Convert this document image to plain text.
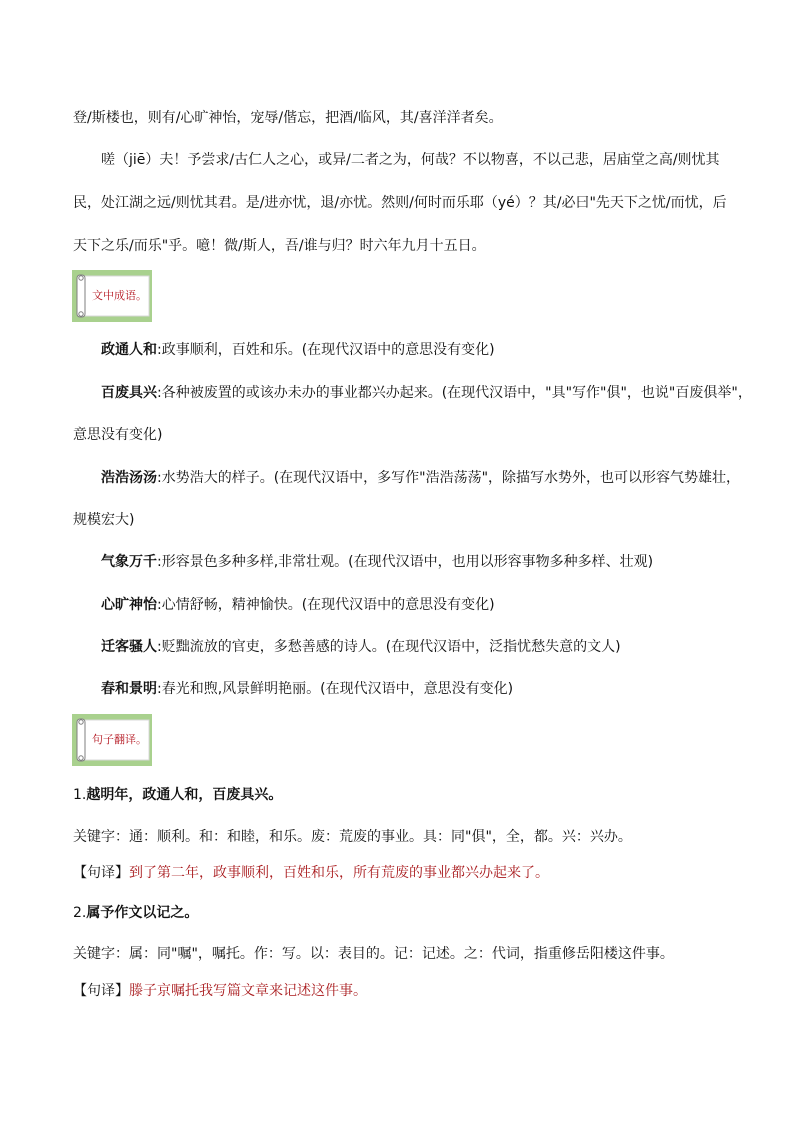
登/斯楼也，则有/心旷神怡，宠辱/偕忘，把酒/临风，其/喜洋洋者矣。
嗟（jiē）夫！予尝求/古仁人之心，或异/二者之为，何哉？不以物喜，不以己悲，居庙堂之高/则忧其
民，处江湖之远/则忧其君。是/进亦忧，退/亦忧。然则/何时而乐耶（yé）？其/必曰"先天下之忧/而忧，后
天下之乐/而乐"乎。噫！微/斯人，吾/谁与归？时六年九月十五日。
文中成语。
政通人和:政事顺利，百姓和乐。(在现代汉语中的意思没有变化)
百废具兴:各种被废置的或该办未办的事业都兴办起来。(在现代汉语中，"具"写作"俱"，也说"百废俱举"，
意思没有变化)
浩浩汤汤:水势浩大的样子。(在现代汉语中，多写作"浩浩荡荡"，除描写水势外，也可以形容气势雄壮，
规模宏大)
气象万千:形容景色多种多样,非常壮观。(在现代汉语中，也用以形容事物多种多样、壮观)
心旷神怡:心情舒畅，精神愉快。(在现代汉语中的意思没有变化)
迁客骚人:贬黜流放的官吏，多愁善感的诗人。(在现代汉语中，泛指忧愁失意的文人)
春和景明:春光和煦,风景鲜明艳丽。(在现代汉语中，意思没有变化)
句子翻译。
1.越明年，政通人和，百废具兴。
关键字：通：顺利。和：和睦，和乐。废：荒废的事业。具：同"俱"，全，都。兴：兴办。
【句译】到了第二年，政事顺利，百姓和乐，所有荒废的事业都兴办起来了。
2.属予作文以记之。
关键字：属：同"嘱"，嘱托。作：写。以：表目的。记：记述。之：代词，指重修岳阳楼这件事。
【句译】滕子京嘱托我写篇文章来记述这件事。
